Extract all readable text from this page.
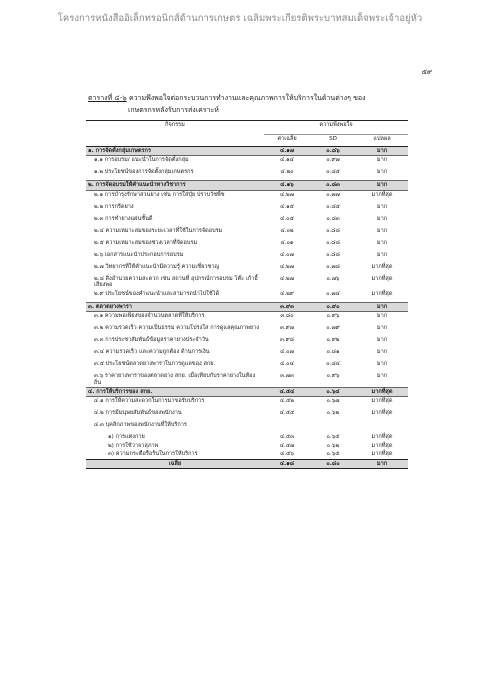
โครงการหนังสืออิเล็กทรอนิกส์ด้านการเกษตร เฉลิมพระเกียรติพระบาทสมเด็จพระเจ้าอยู่หัว
๕๙
ตารางที่ ๔-๖ ความพึงพอใจต่อกระบวนการทำงานและคุณภาพการให้บริการในด้านต่างๆ ของ
เกษตรกรหลังรับการส่งเคราะห์
กิจกรรม	ความพึงพอใจ		
	ค่าเฉลี่ย	SD	แปลผล
๑. การจัดตั้งกลุ่มเกษตรกร	๔.๑๗	๐.๘๖	มาก
๑.๑ การอบรม/ แนะนำในการจัดตั้งกลุ่ม	๔.๑๔	๐.๙๗	มาก
๑.๒ ประโยชน์ของการจัดตั้งกลุ่มเกษตรกร	๔.๒๐	๐.๘๕	มาก
๒. การจัดอบรมให้คำแนะนำทางวิชาการ	๔.๑๖	๐.๘๓	มาก
๒.๑ การบำรุงรักษาสวนยาง เช่น การใส่ปุ๋ย ปราบวัชพืช	๔.๒๗	๐.๗๗	มากที่สุด
๒.๒ การกรีดยาง	๔.๑๕	๐.๘๕	มาก
๒.๓ การทำยางแผ่นชั้นดี	๔.๐๕	๐.๘๓	มาก
๒.๔ ความเหมาะสมของระยะเวลาที่ใช้ในการจัดอบรม	๔.๐๒	๐.๘๘	มาก
๒.๕ ความเหมาะสมของช่วงเวลาที่จัดอบรม	๔.๐๑	๐.๘๘	มาก
๒.๖ เอกสารแนะนำประกอบการอบรม	๔.๐๗	๐.๘๘	มาก
๒.๗ วิทยากรที่ให้คำแนะนำมีความรู้ ความเชี่ยวชาญ	๔.๒๗	๐.๗๘	มากที่สุด
๒.๘ สิ่งอำนวยความสะดวก เช่น สถานที่ อุปกรณ์การอบรม โต๊ะ เก้าอี้ เสียงพอ	๔.๒๗	๐.๗๖	มากที่สุด
๒.๙ ประโยชน์ของคำแนะนำและสามารถนำไปใช้ได้	๔.๒๙	๐.๗๔	มากที่สุด
๓. ตลาดยางพารา	๓.๙๓	๐.๙๐	มาก
๓.๑ ความพอเพียงของจำนวนตลาดที่ให้บริการ	๓.๘๐	๐.๙๖	มาก
๓.๒ ความรวดเร็ว ความเป็นธรรม ความโปร่งใส การดูแลคุณภาพยาง	๓.๙๗	๐.๗๙	มาก
๓.๓ การประชาสัมพันธ์ข้อมูลราคายางประจำวัน	๓.๙๘	๐.๙๒	มาก
๓.๔ ความรวดเร็ว และความถูกต้อง ด้านการเงิน	๔.๐๗	๐.๘๑	มาก
๓.๕ ประโยชน์ตลาดยางพาราในการดูแลของ สกย.	๔.๐๔	๐.๘๔	มาก
๓.๖ ราคายางพาราของตลาดยาง สกย. เมื่อเทียบกับราคายางในท้องถิ่น	๓.๗๓	๐.๙๖	มาก
๔. การให้บริการของ สกย.	๔.๕๔	๐.๖๔	มากที่สุด
๔.๑ การให้ความสะดวกในการมาขอรับบริการ	๔.๕๒	๐.๖๗	มากที่สุด
๔.๒ การมีมนุษยสัมพันธ์ของพนักงาน	๔.๕๕	๐.๖๒	มากที่สุด
๔.๓ บุคลิกภาพของพนักงานที่ให้บริการ			
๑) การแต่งกาย	๔.๕๓	๐.๖๕	มากที่สุด
๒) การใช้วาจาสุภาพ	๔.๕๗	๐.๖๒	มากที่สุด
๓) ความกระตือรือร้นในการให้บริการ	๔.๕๖	๐.๖๕	มากที่สุด
เฉลี่ย	๔.๑๘	๐.๘๐	มาก
